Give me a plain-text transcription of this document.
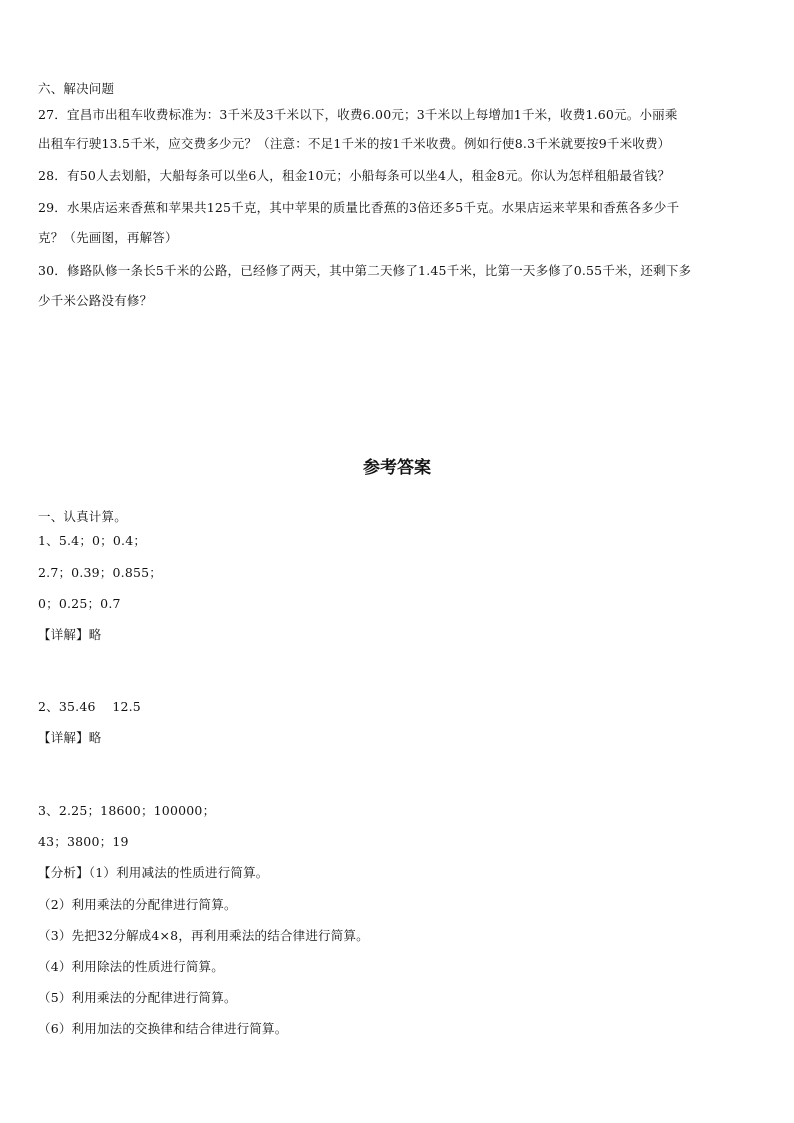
六、解决问题
27．宜昌市出租车收费标准为：3千米及3千米以下，收费6.00元；3千米以上每增加1千米，收费1.60元。小丽乘
出租车行驶13.5千米，应交费多少元？（注意：不足1千米的按1千米收费。例如行使8.3千米就要按9千米收费）
28．有50人去划船，大船每条可以坐6人，租金10元；小船每条可以坐4人，租金8元。你认为怎样租船最省钱？
29．水果店运来香蕉和苹果共125千克，其中苹果的质量比香蕉的3倍还多5千克。水果店运来苹果和香蕉各多少千
克？（先画图，再解答）
30．修路队修一条长5千米的公路，已经修了两天，其中第二天修了1.45千米，比第一天多修了0.55千米，还剩下多
少千米公路没有修？
参考答案
一、认真计算。
1、5.4；0；0.4；
2.7；0.39；0.855；
0；0.25；0.7
【详解】略
2、35.46    12.5
【详解】略
3、2.25；18600；100000；
43；3800；19
【分析】（1）利用减法的性质进行简算。
（2）利用乘法的分配律进行简算。
（3）先把32分解成4×8，再利用乘法的结合律进行简算。
（4）利用除法的性质进行简算。
（5）利用乘法的分配律进行简算。
（6）利用加法的交换律和结合律进行简算。
